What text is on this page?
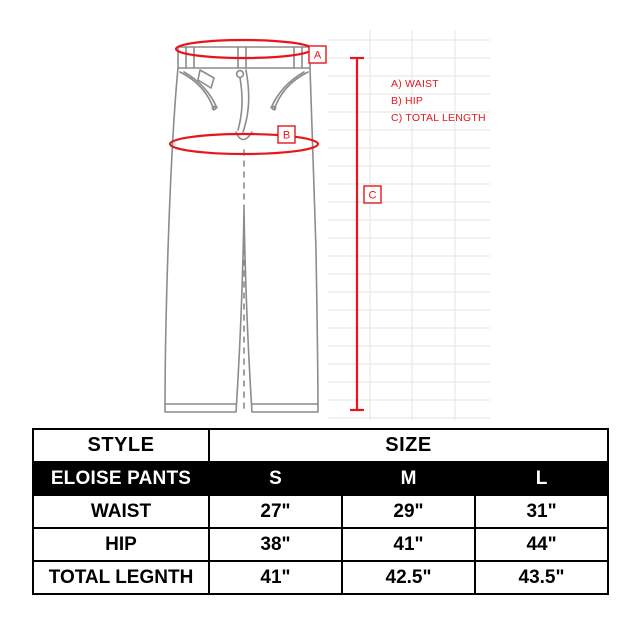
A
B
C
A) WAIST
B) HIP
C) TOTAL LENGTH
STYLE	SIZE		
ELOISE PANTS	S	M	L
WAIST	27"	29"	31"
HIP	38"	41"	44"
TOTAL LEGNTH	41"	42.5"	43.5"
